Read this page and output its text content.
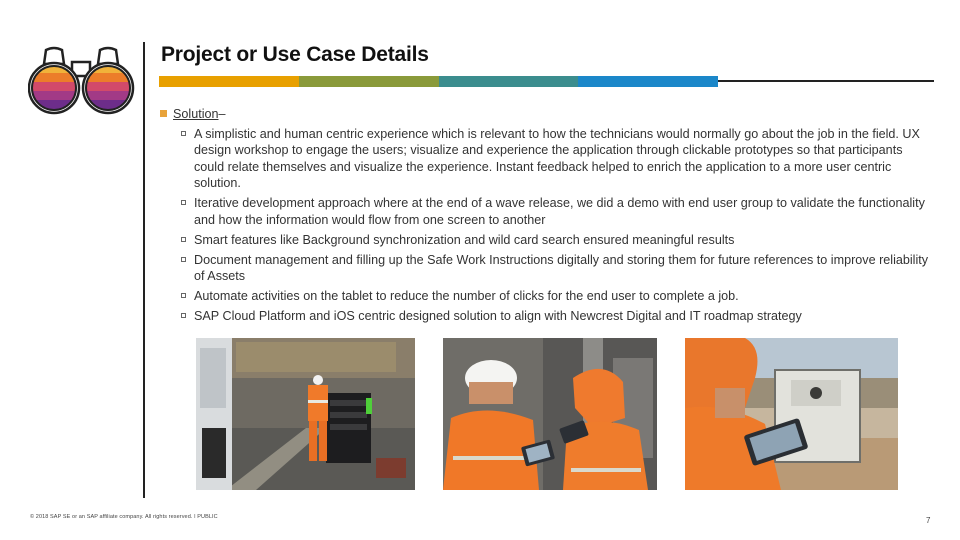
Project or Use Case Details
Solution –
A simplistic and human centric experience which is relevant to how the technicians would normally go about the job in the field. UX design workshop to engage the users; visualize and experience the application through clickable prototypes so that participants could relate themselves and visualize the experience. Instant feedback helped to enrich the application to a more user centric solution.
Iterative development approach where at the end of a wave release, we did a demo with end user group to validate the functionality and how the information would flow from one screen to another
Smart features like Background synchronization and wild card search ensured meaningful results
Document management and filling up the Safe Work Instructions digitally and storing them for future references to improve reliability of Assets
Automate activities on the tablet to reduce the number of clicks for the end user to complete a job.
SAP Cloud Platform and iOS centric designed solution to align with Newcrest Digital and IT roadmap strategy
© 2018 SAP SE or an SAP affiliate company. All rights reserved. ǀ PUBLIC	7
